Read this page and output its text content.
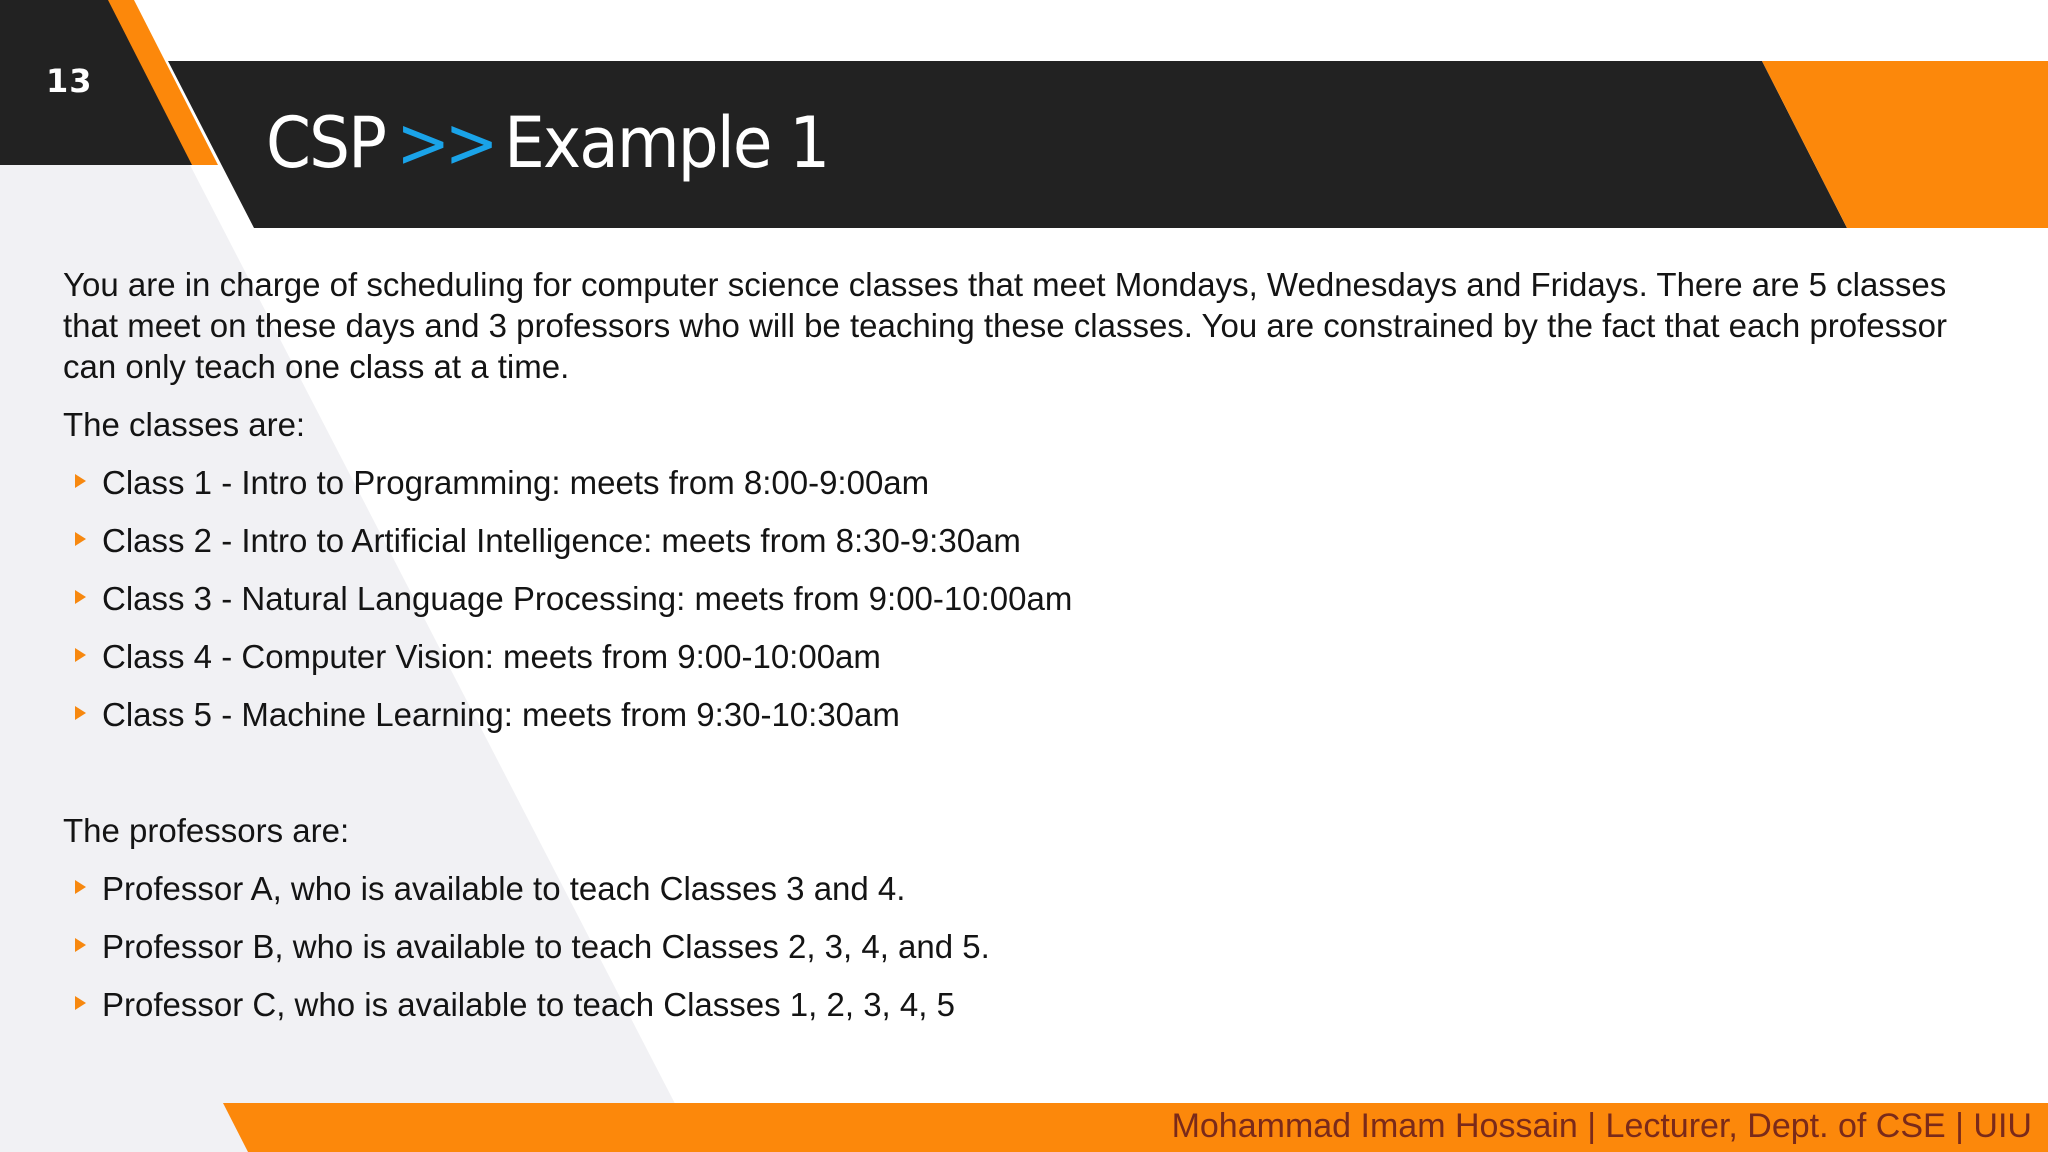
13
CSP >> Example 1

You are in charge of scheduling for computer science classes that meet Mondays, Wednesdays and Fridays. There are 5 classes that meet on these days and 3 professors who will be teaching these classes. You are constrained by the fact that each professor can only teach one class at a time.

The classes are:

Class 1 - Intro to Programming: meets from 8:00-9:00am
Class 2 - Intro to Artificial Intelligence: meets from 8:30-9:30am
Class 3 - Natural Language Processing: meets from 9:00-10:00am
Class 4 - Computer Vision: meets from 9:00-10:00am
Class 5 - Machine Learning: meets from 9:30-10:30am

The professors are:

Professor A, who is available to teach Classes 3 and 4.
Professor B, who is available to teach Classes 2, 3, 4, and 5.
Professor C, who is available to teach Classes 1, 2, 3, 4, 5
Mohammad Imam Hossain | Lecturer, Dept. of CSE | UIU
